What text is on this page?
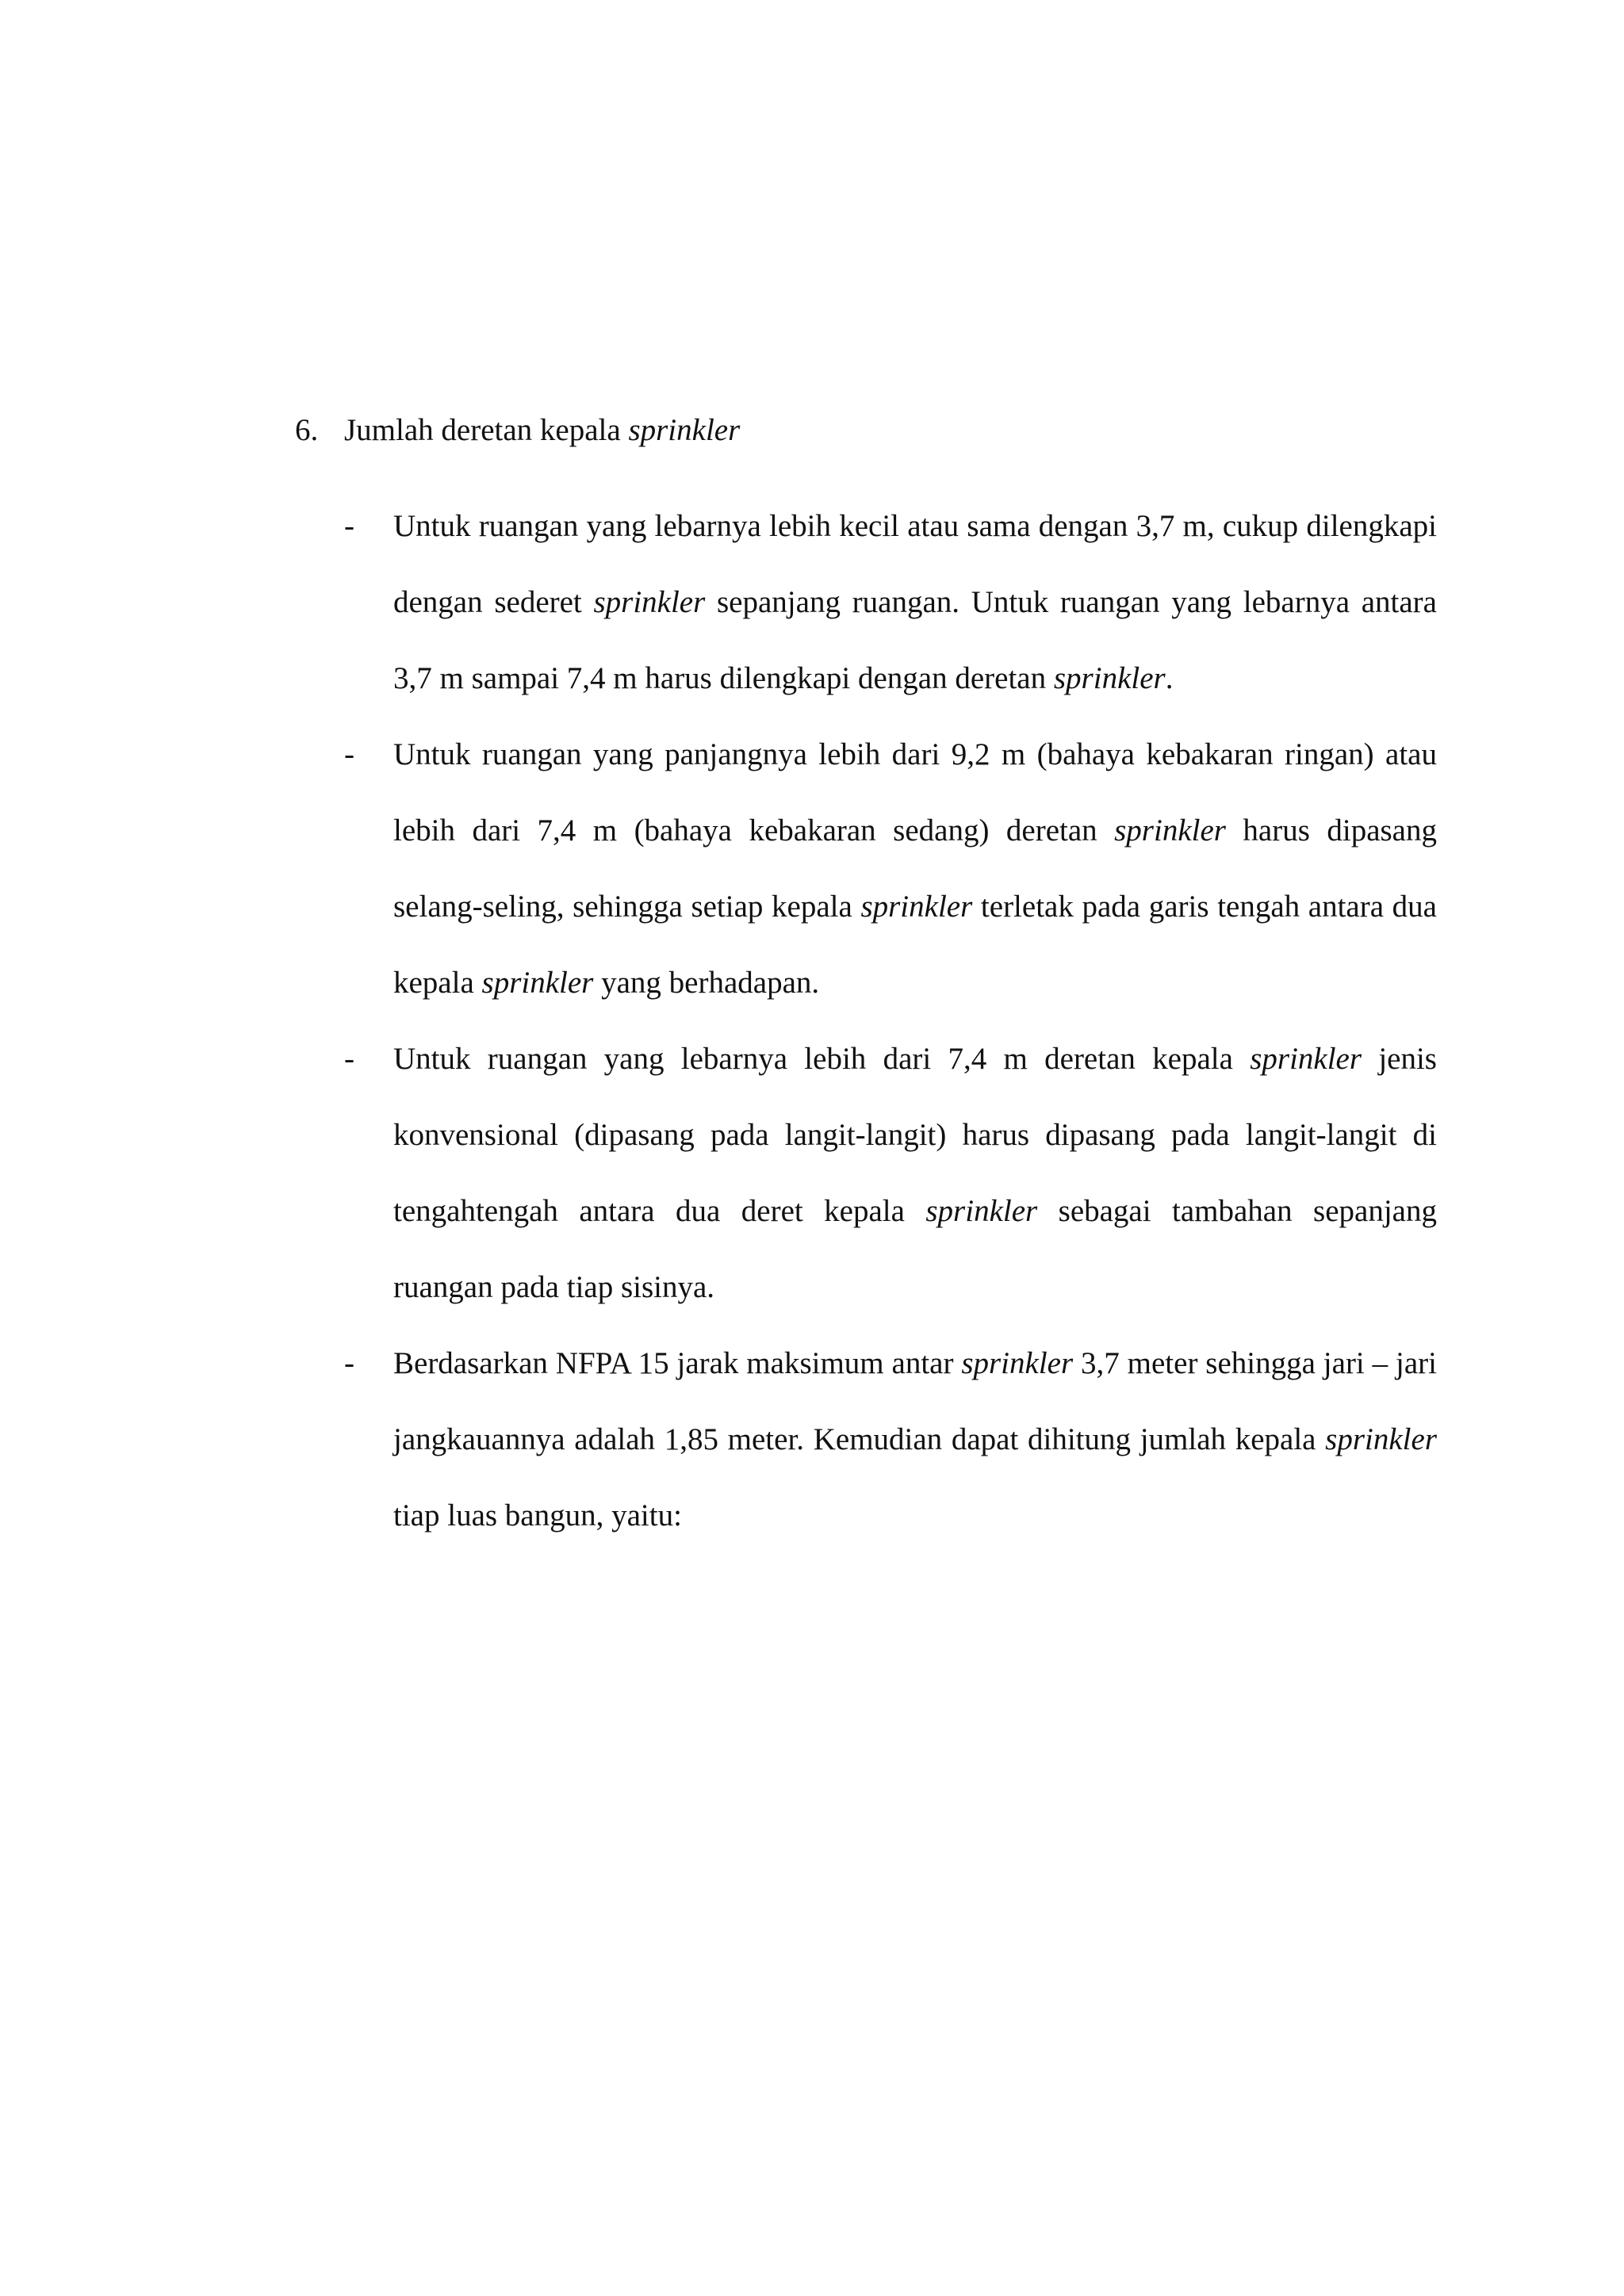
6. Jumlah deretan kepala sprinkler
-	Untuk ruangan yang lebarnya lebih kecil atau sama dengan 3,7 m, cukup dilengkapi dengan sederet sprinkler sepanjang ruangan. Untuk ruangan yang lebarnya antara 3,7 m sampai 7,4 m harus dilengkapi dengan deretan sprinkler.
-	Untuk ruangan yang panjangnya lebih dari 9,2 m (bahaya kebakaran ringan) atau lebih dari 7,4 m (bahaya kebakaran sedang) deretan sprinkler harus dipasang selang-seling, sehingga setiap kepala sprinkler terletak pada garis tengah antara dua kepala sprinkler yang berhadapan.
-	Untuk ruangan yang lebarnya lebih dari 7,4 m deretan kepala sprinkler jenis konvensional (dipasang pada langit-langit) harus dipasang pada langit-langit di tengahtengah antara dua deret kepala sprinkler sebagai tambahan sepanjang ruangan pada tiap sisinya.
-	Berdasarkan NFPA 15 jarak maksimum antar sprinkler 3,7 meter sehingga jari – jari jangkauannya adalah 1,85 meter. Kemudian dapat dihitung jumlah kepala sprinkler tiap luas bangun, yaitu:
